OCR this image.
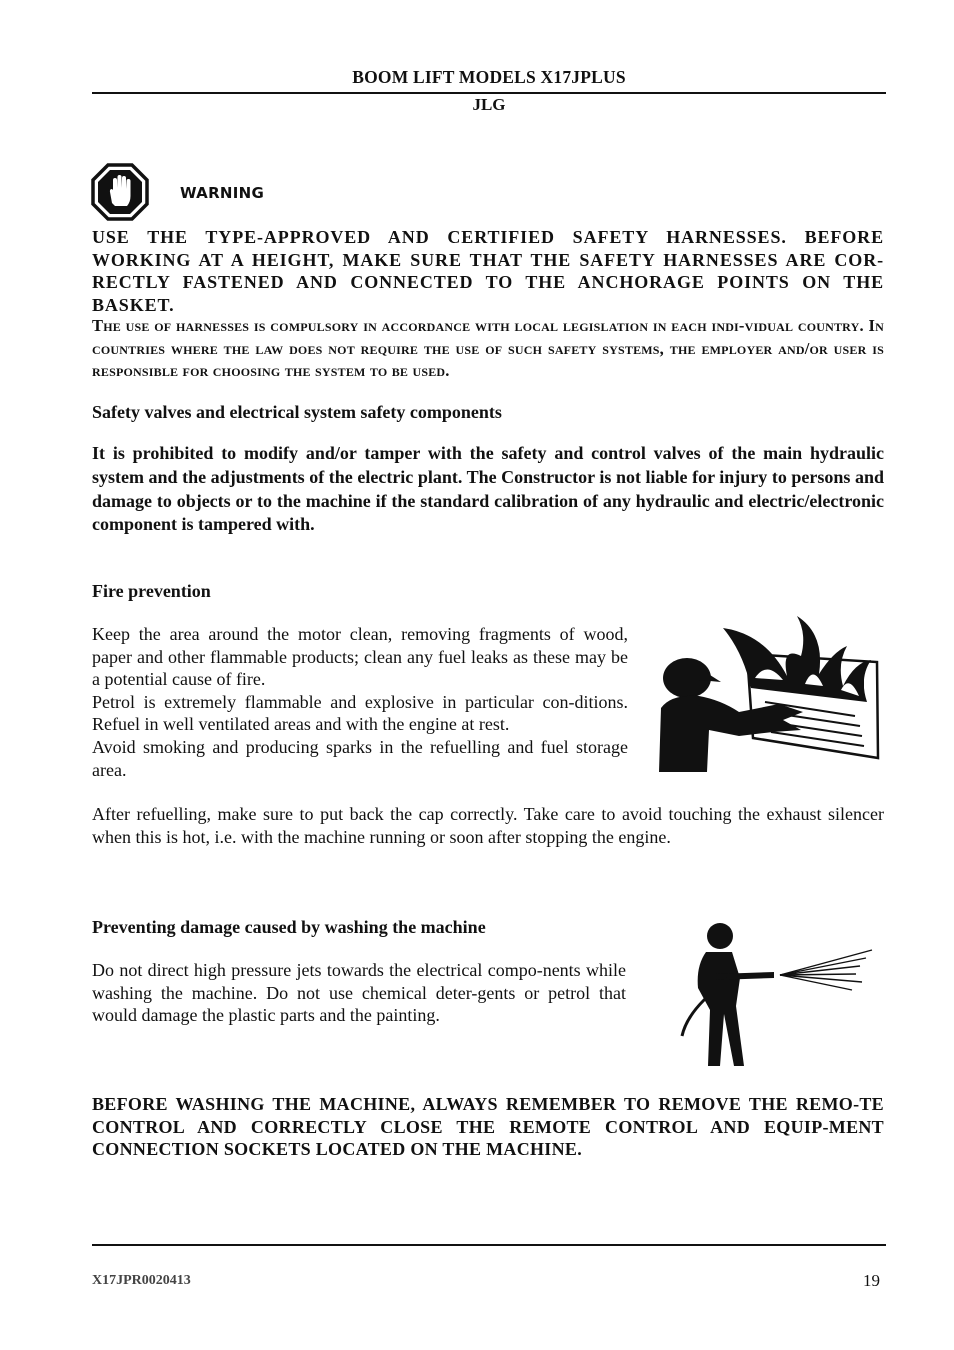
BOOM LIFT MODELS X17JPLUS
JLG
WARNING
USE THE TYPE-APPROVED AND CERTIFIED SAFETY HARNESSES. BEFORE WORKING AT A HEIGHT, MAKE SURE THAT THE SAFETY HARNESSES ARE COR-RECTLY FASTENED AND CONNECTED TO THE ANCHORAGE POINTS ON THE BASKET.
The use of harnesses is compulsory in accordance with local legislation in each indi-vidual country. In countries where the law does not require the use of such safety systems, the employer and/or user is responsible for choosing the system to be used.
Safety valves and electrical system safety components
It is prohibited to modify and/or tamper with the safety and control valves of the main hydraulic system and the adjustments of the electric plant. The Constructor is not liable for injury to persons and damage to objects or to the machine if the standard calibration of any hydraulic and electric/electronic component is tampered with.
Fire prevention
Keep the area around the motor clean, removing fragments of wood, paper and other flammable products; clean any fuel leaks as these may be a potential cause of fire.
Petrol is extremely flammable and explosive in particular con-ditions. Refuel in well ventilated areas and with the engine at rest.
Avoid smoking and producing sparks in the refuelling and fuel storage area.
After refuelling, make sure to put back the cap correctly. Take care to avoid touching the exhaust silencer when this is hot, i.e. with the machine running or soon after stopping the engine.
Preventing damage caused by washing the machine
Do not direct high pressure jets towards the electrical compo-nents while washing the machine. Do not use chemical deter-gents or petrol that would damage the plastic parts and the painting.
BEFORE WASHING THE MACHINE, ALWAYS REMEMBER TO REMOVE THE REMO-TE CONTROL AND CORRECTLY CLOSE THE REMOTE CONTROL AND EQUIP-MENT CONNECTION SOCKETS LOCATED ON THE MACHINE.
X17JPR0020413	19
